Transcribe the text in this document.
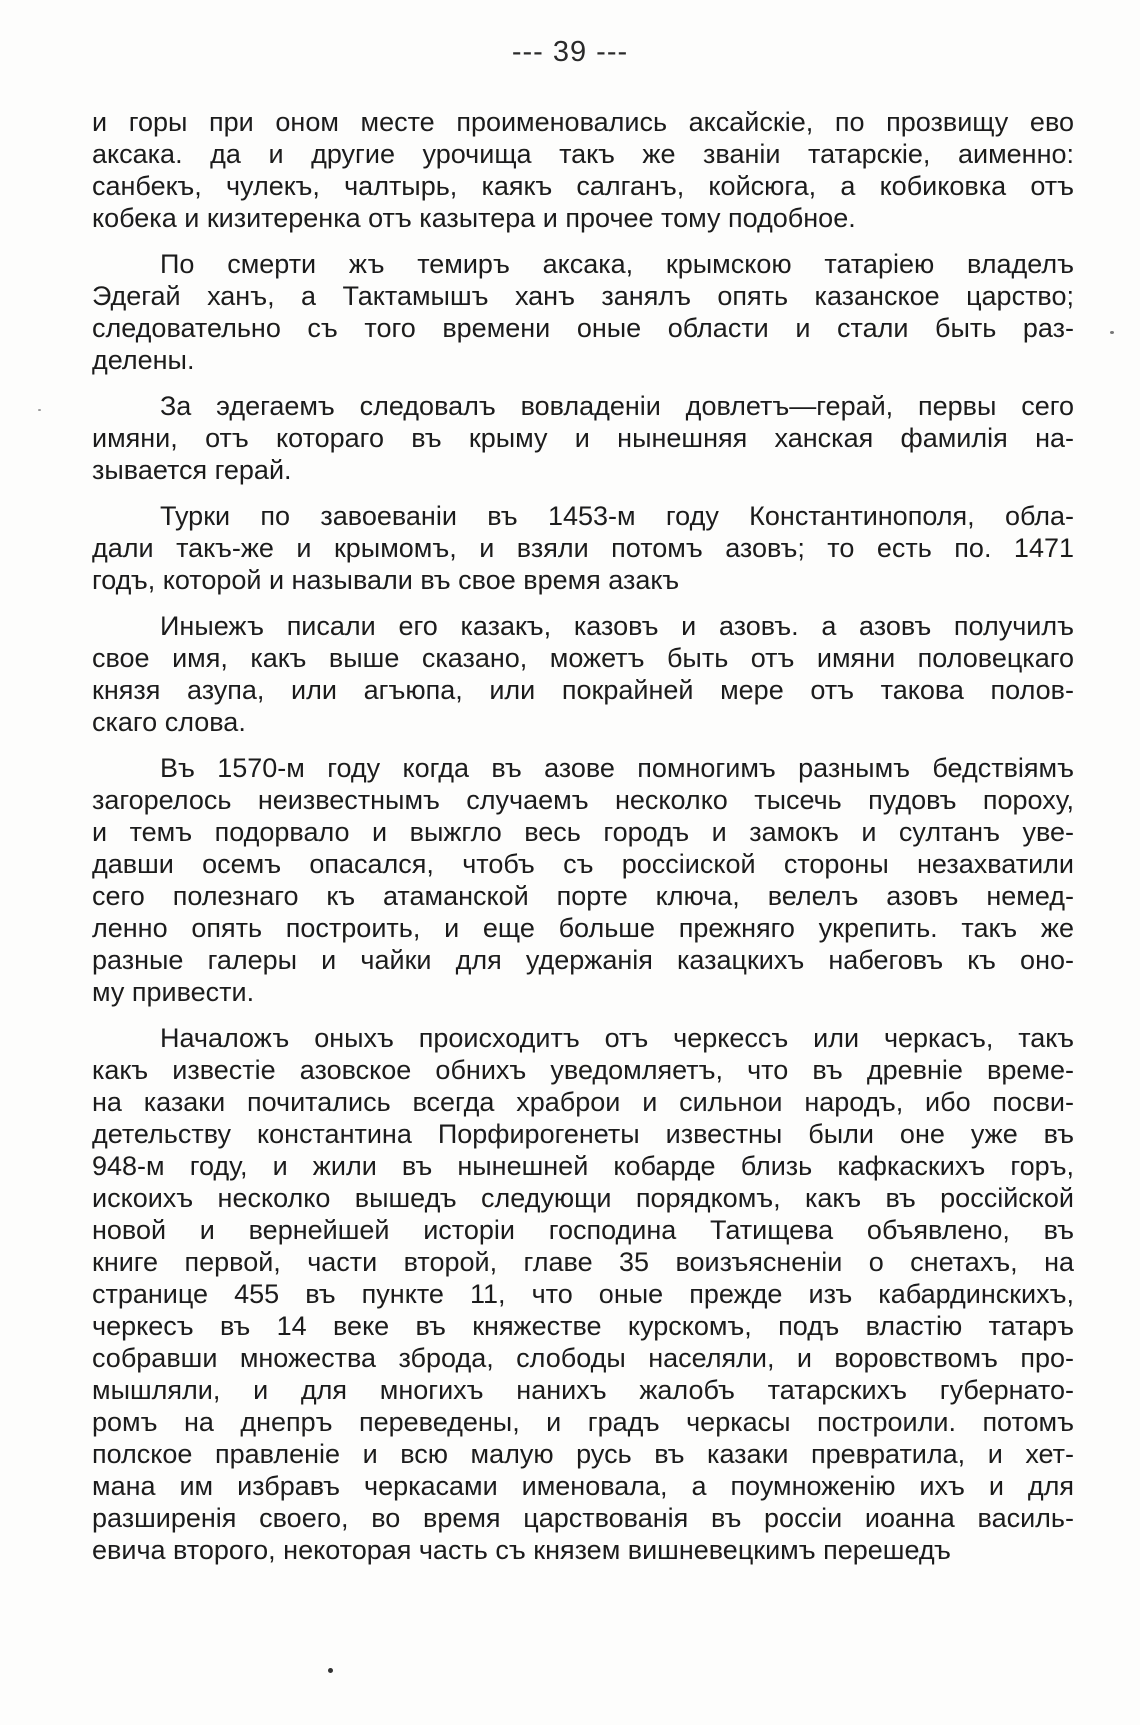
--- 39 ---
и горы при оном месте проименовались аксайскіе, по прозвищу ево
аксака. да и другие урочища такъ же званіи татарскіе, аименно:
санбекъ, чулекъ, чалтырь, каякъ салганъ, койсюга, а кобиковка отъ
кобека и кизитеренка отъ казытера и прочее тому подобное.
По смерти жъ темиръ аксака, крымскою татаріею владелъ
Эдегай ханъ, а Тактамышъ ханъ занялъ опять казанское царство;
следовательно съ того времени оные области и стали быть раз-
делены.
За эдегаемъ следовалъ вовладеніи довлетъ—герай, первы сего
имяни, отъ котораго въ крыму и нынешняя ханская фамилія на-
зывается герай.
Турки по завоеваніи въ 1453-м году Константинополя, обла-
дали такъ-же и крымомъ, и взяли потомъ азовъ; то есть по. 1471
годъ, которой и называли въ свое время азакъ
Иныежъ писали его казакъ, казовъ и азовъ. а азовъ получилъ
свое имя, какъ выше сказано, можетъ быть отъ имяни половецкаго
князя азупа, или агъюпа, или покрайней мере отъ такова полов-
скаго слова.
Въ 1570-м году когда въ азове помногимъ разнымъ бедствіямъ
загорелось неизвестнымъ случаемъ несколко тысечь пудовъ пороху,
и темъ подорвало и выжгло весь городъ и замокъ и султанъ уве-
давши осемъ опасался, чтобъ съ россіиской стороны незахватили
сего полезнаго къ атаманской порте ключа, велелъ азовъ немед-
ленно опять построить, и еще больше прежняго укрепить. такъ же
разные галеры и чайки для удержанія казацкихъ набеговъ къ оно-
му привести.
Началожъ оныхъ происходитъ отъ черкессъ или черкасъ, такъ
какъ известіе азовское обнихъ уведомляетъ, что въ древніе време-
на казаки почитались всегда храброи и сильнои народъ, ибо посви-
детельству константина Порфирогенеты известны были оне уже въ
948-м году, и жили въ нынешней кобарде близь кафкаскихъ горъ,
искоихъ несколко вышедъ следующи порядкомъ, какъ въ россійской
новой и вернейшей исторіи господина Татищева объявлено, въ
книге первой, части второй, главе 35 воизъясненіи о снетахъ, на
странице 455 въ пункте 11, что оные прежде изъ кабардинскихъ,
черкесъ въ 14 веке въ княжестве курскомъ, подъ властію татаръ
собравши множества зброда, слободы населяли, и воровствомъ про-
мышляли, и для многихъ нанихъ жалобъ татарскихъ губернато-
ромъ на днепръ переведены, и градъ черкасы построили. потомъ
полское правленіе и всю малую русь въ казаки превратила, и хет-
мана им избравъ черкасами именовала, а поумноженію ихъ и для
разширенія своего, во время царствованія въ россіи иоанна василь-
евича второго, некоторая часть съ князем вишневецкимъ перешедъ
